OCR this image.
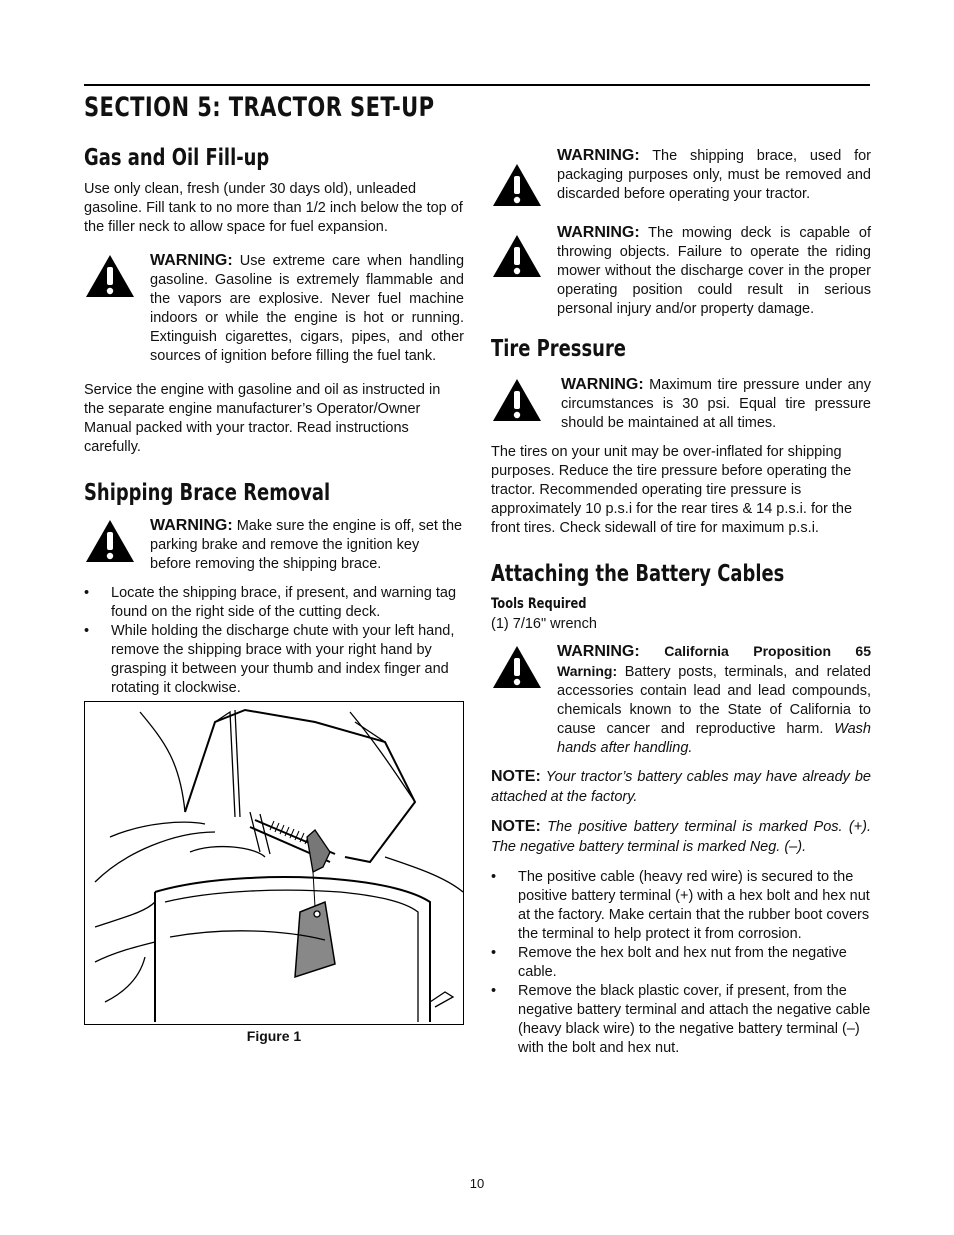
SECTION 5: TRACTOR SET-UP
Gas and Oil Fill-up

Use only clean, fresh (under 30 days old), unleaded gasoline. Fill tank to no more than 1/2 inch below the top of the filler neck to allow space for fuel expansion.

WARNING: Use extreme care when handling gasoline. Gasoline is extremely flammable and the vapors are explosive. Never fuel machine indoors or while the engine is hot or running. Extinguish cigarettes, cigars, pipes, and other sources of ignition before filling the fuel tank.

Service the engine with gasoline and oil as instructed in the separate engine manufacturer’s Operator/Owner Manual packed with your tractor. Read instructions carefully.

Shipping Brace Removal
WARNING: Make sure the engine is off, set the parking brake and remove the ignition key before removing the shipping brace.
• Locate the shipping brace, if present, and warning tag found on the right side of the cutting deck.
• While holding the discharge chute with your left hand, remove the shipping brace with your right hand by grasping it between your thumb and index finger and rotating it clockwise.
Figure 1
WARNING: The shipping brace, used for packaging purposes only, must be removed and discarded before operating your tractor.
WARNING: The mowing deck is capable of throwing objects. Failure to operate the riding mower without the discharge cover in the proper operating position could result in serious personal injury and/or property damage.
Tire Pressure
WARNING: Maximum tire pressure under any circumstances is 30 psi. Equal tire pressure should be maintained at all times.

The tires on your unit may be over-inflated for shipping purposes. Reduce the tire pressure before operating the tractor. Recommended operating tire pressure is approximately 10 p.s.i for the rear tires & 14 p.s.i. for the front tires. Check sidewall of tire for maximum p.s.i.

Attaching the Battery Cables
Tools Required

(1) 7/16" wrench

WARNING: California Proposition 65 Warning: Battery posts, terminals, and related accessories contain lead and lead compounds, chemicals known to the State of California to cause cancer and reproductive harm. Wash hands after handling.
NOTE: Your tractor’s battery cables may have already be attached at the factory.
NOTE: The positive battery terminal is marked Pos. (+). The negative battery terminal is marked Neg. (–).
• The positive cable (heavy red wire) is secured to the positive battery terminal (+) with a hex bolt and hex nut at the factory. Make certain that the rubber boot covers the terminal to help protect it from corrosion.
• Remove the hex bolt and hex nut from the negative cable.
• Remove the black plastic cover, if present, from the negative battery terminal and attach the negative cable (heavy black wire) to the negative battery terminal (–) with the bolt and hex nut.
10
